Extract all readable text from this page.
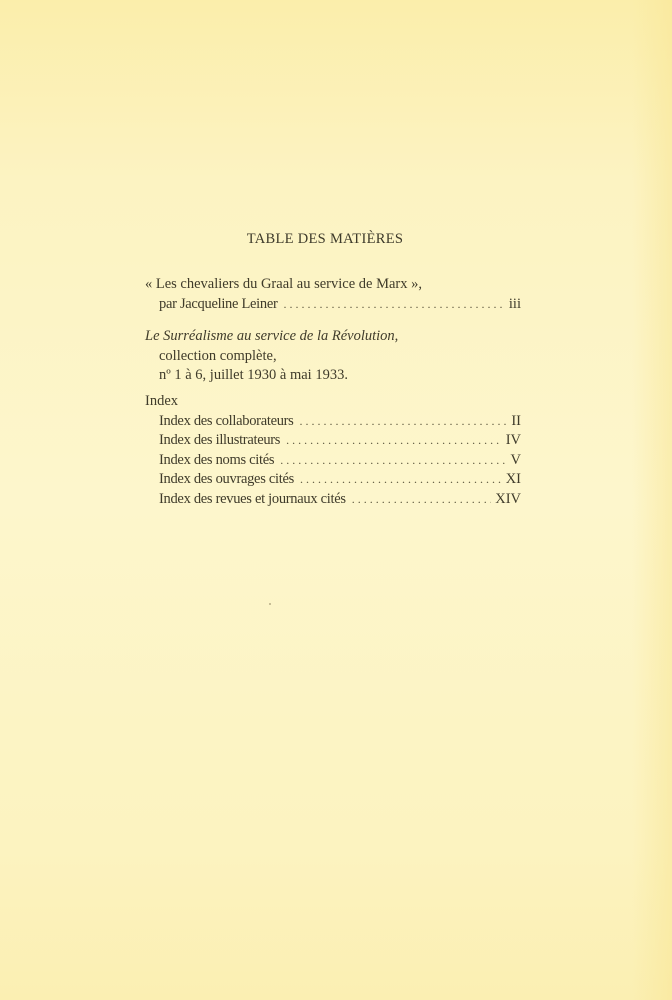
TABLE DES MATIÈRES
« Les chevaliers du Graal au service de Marx »,
par Jacqueline Leiner . . .	iii
Le Surréalisme au service de la Révolution,
collection complète,
nº 1 à 6, juillet 1930 à mai 1933.
Index
Index des collaborateurs . . .	II
Index des illustrateurs . . .	IV
Index des noms cités . . .	V
Index des ouvrages cités . . .	XI
Index des revues et journaux cités . . .	XIV
